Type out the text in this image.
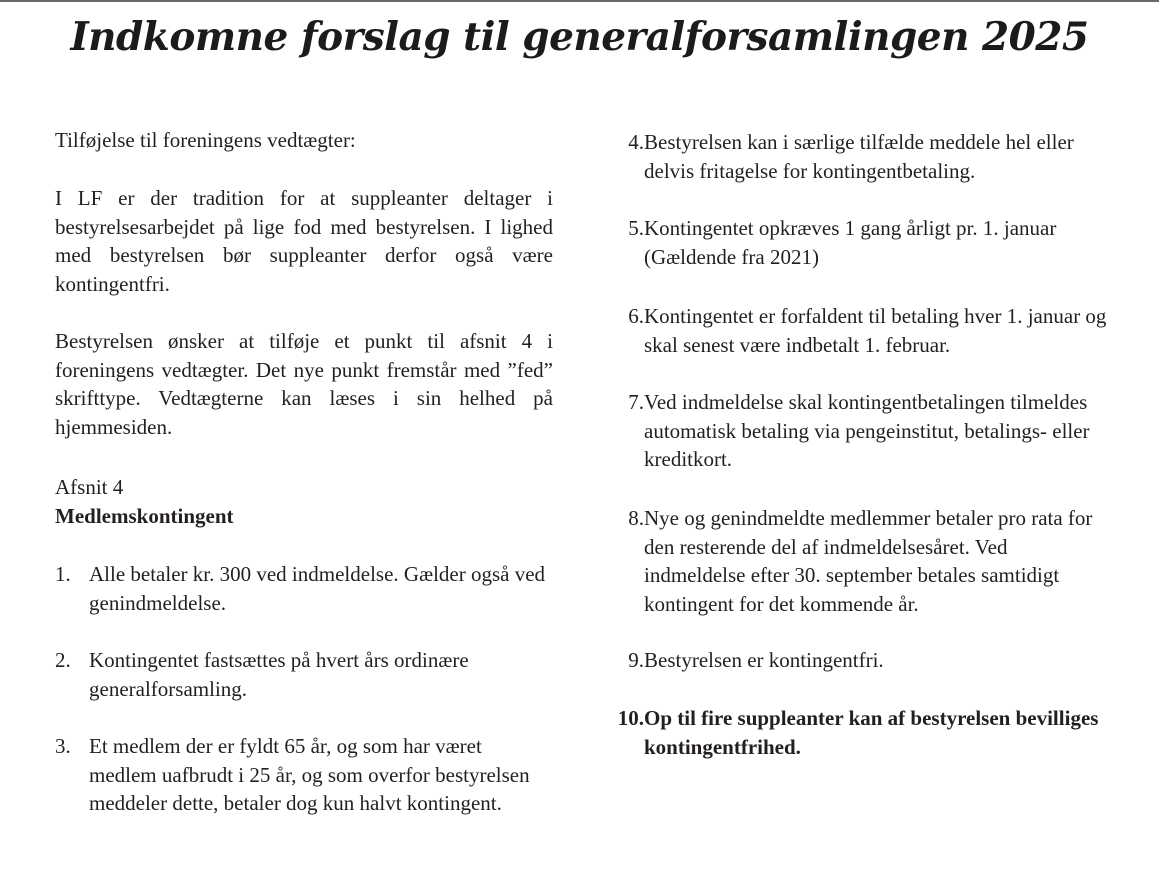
Indkomne forslag til generalforsamlingen 2025

Tilføjelse til foreningens vedtægter:

I LF er der tradition for at suppleanter deltager i bestyrelsesarbejdet på lige fod med bestyrelsen. I lighed med bestyrelsen bør suppleanter derfor også være kontingentfri.

Bestyrelsen ønsker at tilføje et punkt til afsnit 4 i foreningens vedtægter. Det nye punkt fremstår med ”fed” skrifttype. Vedtægterne kan læses i sin helhed på hjemmesiden.

Afsnit 4

Medlemskontingent

1. Alle betaler kr. 300 ved indmeldelse. Gælder også ved genindmeldelse.
2. Kontingentet fastsættes på hvert års ordinære generalforsamling.
3. Et medlem der er fyldt 65 år, og som har været medlem uafbrudt i 25 år, og som overfor bestyrelsen meddeler dette, betaler dog kun halvt kontingent.
4. Bestyrelsen kan i særlige tilfælde meddele hel eller delvis fritagelse for kontingentbetaling.
5. Kontingentet opkræves 1 gang årligt pr. 1. januar (Gældende fra 2021)
6. Kontingentet er forfaldent til betaling hver 1. januar og skal senest være indbetalt 1. februar.
7. Ved indmeldelse skal kontingentbetalingen tilmeldes automatisk betaling via pengeinstitut, betalings- eller kreditkort.
8. Nye og genindmeldte medlemmer betaler pro rata for den resterende del af indmeldelsesåret. Ved indmeldelse efter 30. september betales samtidigt kontingent for det kommende år.
9. Bestyrelsen er kontingentfri.
10. Op til fire suppleanter kan af bestyrelsen bevilliges kontingentfrihed.
